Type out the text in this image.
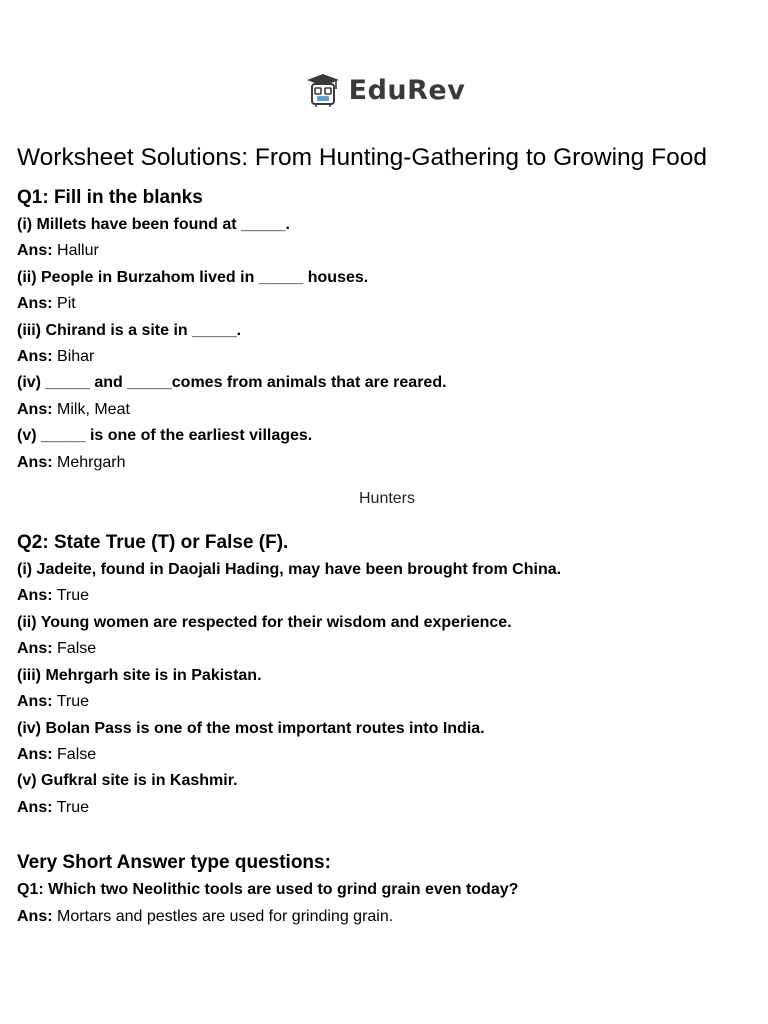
EduRev
Worksheet Solutions: From Hunting-Gathering to Growing Food
Q1: Fill in the blanks
(i) Millets have been found at _____.
Ans: Hallur
(ii) People in Burzahom lived in _____ houses.
Ans: Pit
(iii) Chirand is a site in _____.
Ans: Bihar
(iv) _____ and _____comes from animals that are reared.
Ans: Milk, Meat
(v) _____ is one of the earliest villages.
Ans: Mehrgarh
Hunters
Q2: State True (T) or False (F).
(i) Jadeite, found in Daojali Hading, may have been brought from China.
Ans: True
(ii) Young women are respected for their wisdom and experience.
Ans: False
(iii) Mehrgarh site is in Pakistan.
Ans: True
(iv) Bolan Pass is one of the most important routes into India.
Ans: False
(v) Gufkral site is in Kashmir.
Ans: True
Very Short Answer type questions:
Q1: Which two Neolithic tools are used to grind grain even today?
Ans: Mortars and pestles are used for grinding grain.
